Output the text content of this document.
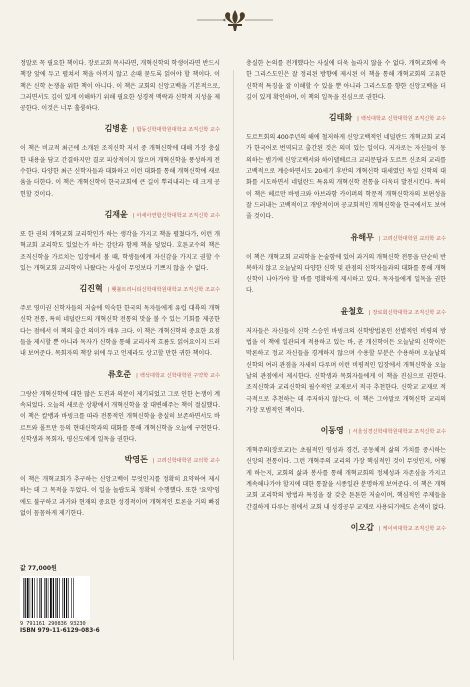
정말로 꼭 필요한 책이다. 장로교회 목사라면, 개혁신학의 학생이라면 반드시 책장 앞에 두고 펼쳐서 책을 아끼지 않고 손때 묻도록 읽어야 할 책이다. 이 책은 신학 논쟁을 위한 책이 아니다. 이 책은 교회의 신앙고백을 기본적으로, 그러면서도 깊이 있게 이해하기 위해 필요한 성경적 맥락과 신학적 지성을 제공한다. 이것은 너무 훌륭하다.

김병훈 | 합동신학대학원대학교 조직신학 교수

이 책은 비교적 최근에 소개된 조직신학 저서 중 개혁신학에 대해 가장 충실한 내용을 담고 간결하지만 결코 피상적이지 않으며 개혁신학을 풍성하게 전수한다. 다양한 최근 신학자들과 대화하고 이런 대화를 통해 개혁신학에 새로움을 더한다. 이 책은 개혁신학이 한국교회에 큰 길이 뿌리내리는 데 크게 공헌할 것이다.

김재윤 | 아세아연합신학대학교 조직신학 교수

또 한 권의 개혁교회 교리학인가 하는 생각을 가지고 책을 펼쳤다가, 이런 개혁교회 교리학도 있었는가 하는 감탄과 함께 책을 덮었다. 호튼교수의 책은 조직신학을 가르치는 입장에서 볼 때, 학생들에게 자신감을 가지고 권할 수 있는 개혁교회 교리학이 나왔다는 사실이 무엇보다 기쁘지 않을 수 없다.

김진혁 | 횃불트리니티신학대학원대학교 조직신학 조교수

주로 영미권 신학자들의 저술에 익숙한 한국의 독자들에게 유럽 대륙의 개혁신학 전통, 특히 네덜란드의 개혁신학 전통의 맛을 볼 수 있는 기회를 제공한다는 점에서 이 책의 출간 의미가 매우 크다. 이 책은 개혁신학의 중요한 요점들을 제시할 뿐 아니라 독자가 신학을 통해 교리사적 흐름도 읽어요이지 드러내 보여준다. 목회자의 책장 위에 두고 언제라도 상고할 만한 귀한 책이다.

류호준 | 백석대학교 신학대학원 구약학 교수

그랑산 개혁신학에 대한 많은 도전과 의문이 제기되었고 그로 인한 논쟁이 계속되었다. 오늘의 새로운 상황에서 개혁신학을 잘 대변해주는 책이 절실했다. 이 책은 칼뱅과 바빙크를 따라 전통적인 개혁신학을 충실히 보존하면서도 바르트와 몰트만 등의 현대신학과의 대화를 통해 개혁신학을 오늘에 구현한다. 신학생과 목회자, 평신도에게 일독을 권한다.

박영돈 | 고려신학대학원 교의학 교수

이 책은 개혁교회가 추구하는 신앙고백이 무엇인지를 정확히 요약하여 제시하는 데 그 목적을 두었다. 이 일을 놀랍도록 정확히 수행했다. 또한 '요약'임에도 불구하고 과거와 현재의 중요한 성경적이며 개혁적인 토론을 거의 빠짐없이 꼼꼼하게 제기한다.

충실한 논의를 전개했다는 사실에 더욱 놀라지 않을 수 없다. 개혁교회에 속한 그리스도인은 잘 정리된 방향에 제시된 이 책을 통해 개혁교회의 고유한 신학적 특징을 잘 이해할 수 있을 뿐 아니라 그리스도를 향한 신앙고백을 더 깊이 있게 확인하며, 이 책의 일독을 진심으로 권한다.

김태화 | 백석대학교 신학대학원 조직신학 교수

도르트회의 400주년의 해에 철저하게 신앙고백적인 네덜란드 개혁교회 교리가 한국어로 번역되고 출간된 것은 의미 있는 일이다. 저자로는 자신들이 동의하는 범기에 신앙고백서와 하이델베르크 교리문답과 도르트 신조의 교리를 고백적으로 계승하면서도 20세기 후반의 개혁신학 대세였던 독일 신학의 대화를 시도하면서 네덜란드 특유의 개혁신학 전통을 더욱더 발전시킨다. 특히 이 책은 헤르만 바빙크와 아브라함 카이퍼의 학문적 개혁신학자의 보편성을 잘 드러내는 고백적이고 개방적이며 공교회적인 개혁신학을 한국에서도 보여줄 것이다.

유해무 | 고려신학대학원 교의학 교수

이 책은 개혁교회 교리학을 논술함에 있어 과거의 개혁신학 전통을 단순히 반복하지 않고 오늘날의 다양한 신학 및 관점의 신학자들과의 대화를 통해 개혁신학이 나아가야 할 바를 명확하게 제시하고 있다. 독자들에게 일독을 권한다.

윤철호 | 장로회신학대학교 조직신학 교수

저자들은 자신들이 신학 스승인 바빙크의 신학방법론인 선별적인 비평의 방법을 이 책에 일관되게 적용하고 있는 바, 곧 개신학이든 오늘날의 신학이든 막론하고 정교 자신들을 경계하지 않으며 수용할 부분은 수용하며 오늘날의 신학의 여러 관점을 자세히 다루며 이런 비평적인 입장에서 개혁신학을 오늘날의 관점에서 제시한다. 신학생과 목회자들에게 이 책을 진심으로 권한다. 조직신학과 교리신학의 필수적인 교재로서 적극 추천한다. 신학교 교재로 적극적으로 추천하는 데 주저하지 않는다. 이 책은 그야말로 개혁신학 교리의 가장 모범적인 책이다.

이동영 | 서울성경신학대학원대학교 조직신학 교수

개혁주의(장로교)는 초월적인 영성과 경건, 공동체적 삶의 가치를 중시하는 신앙의 전통이다. 그런 개혁주의 교리의 가장 핵심적인 것이 무엇인지, 어떻게 하는지, 교회의 삶과 봉사를 통해 개혁교회의 정체성과 자존심을 가지고 계속해나가야 할지에 대한 통찰을 시종일관 분명하게 보여준다. 이 책은 개혁교회 교리학의 방법과 특징을 잘 갖춘 튼튼한 저술이며, 핵심적인 주제들을 간결하게 다루는 점에서 교회 내 성경공부 교재로 사용되기에도 손색이 없다.

이오갑 | 케이씨대학교 조직신학 교수
값 77,000원
9 791161 290836 93230
ISBN 979-11-6129-083-6
